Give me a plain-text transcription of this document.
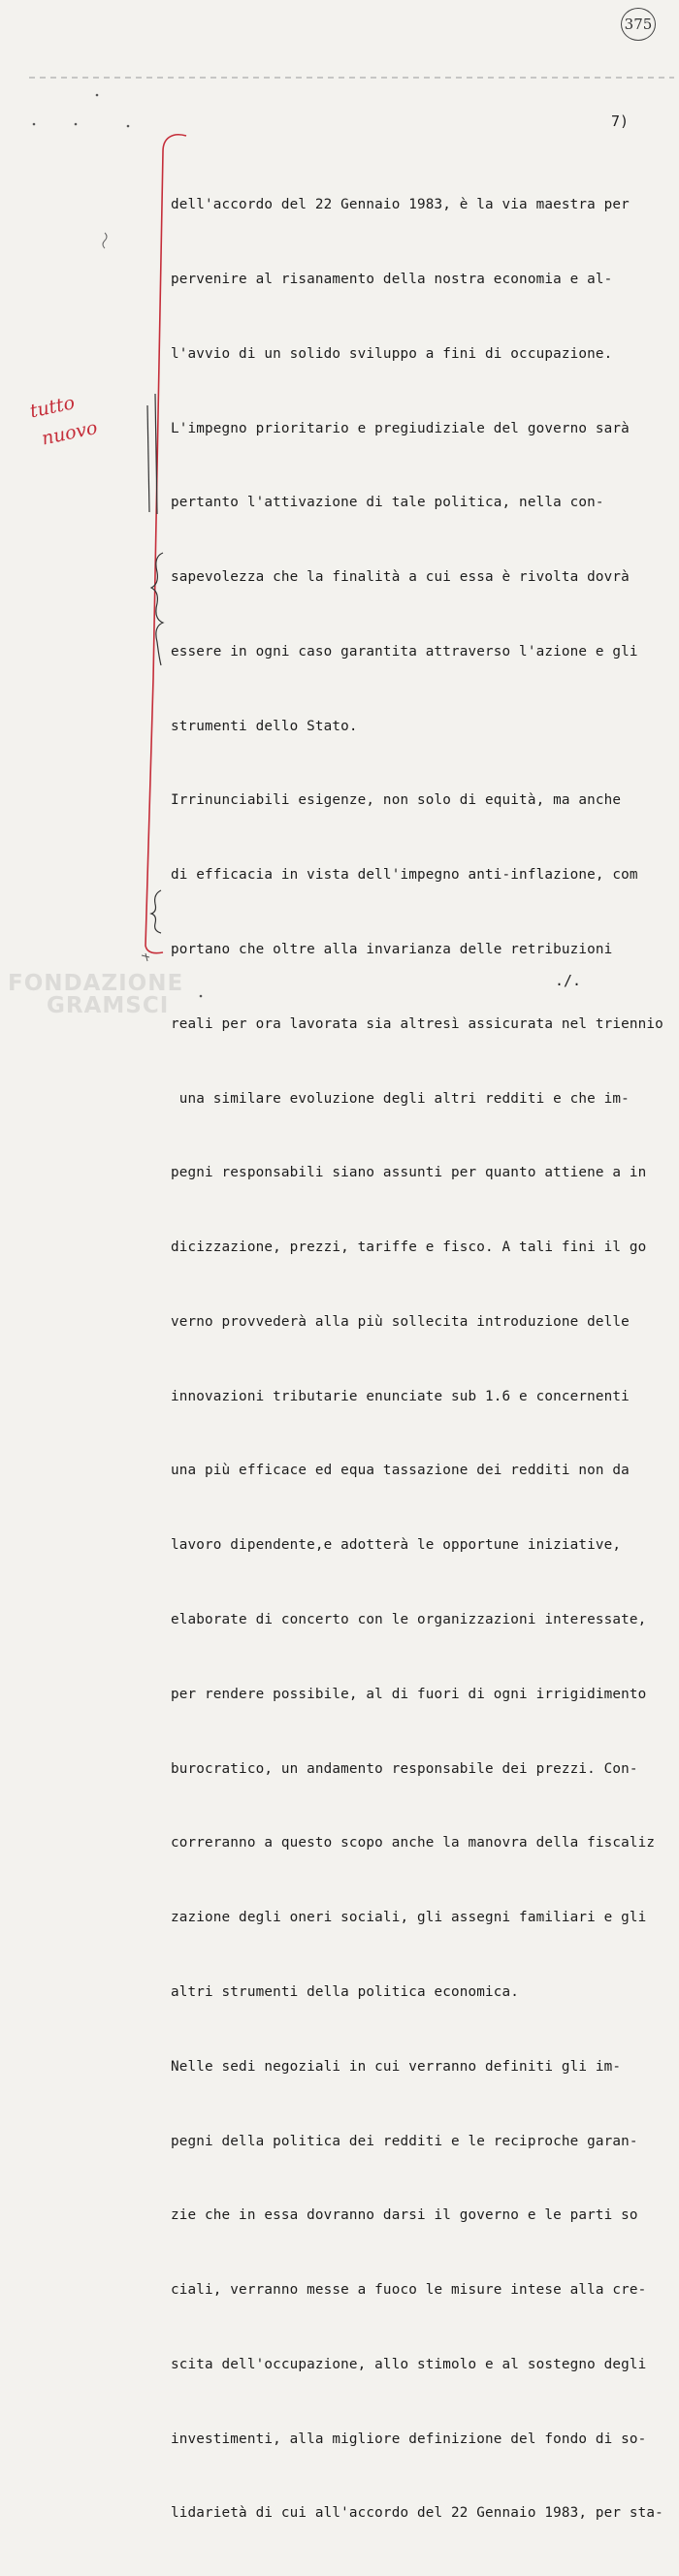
375
7)
tutto
nuovo

dell'accordo del 22 Gennaio 1983, è la via maestra per

pervenire al risanamento della nostra economia e al-

l'avvio di un solido sviluppo a fini di occupazione.

L'impegno prioritario e pregiudiziale del governo sarà

pertanto l'attivazione di tale politica, nella con-

sapevolezza che la finalità a cui essa è rivolta dovrà

essere in ogni caso garantita attraverso l'azione e gli

strumenti dello Stato.

Irrinunciabili esigenze, non solo di equità, ma anche

di efficacia in vista dell'impegno anti-inflazione, com

portano che oltre alla invarianza delle retribuzioni

reali per ora lavorata sia altresì assicurata nel triennio

una similare evoluzione degli altri redditi e che im-

pegni responsabili siano assunti per quanto attiene a in

dicizzazione, prezzi, tariffe e fisco. A tali fini il go

verno provvederà alla più sollecita introduzione delle

innovazioni tributarie enunciate sub 1.6 e concernenti

una più efficace ed equa tassazione dei redditi non da

lavoro dipendente,e adotterà le opportune iniziative,

elaborate di concerto con le organizzazioni interessate,

per rendere possibile, al di fuori di ogni irrigidimento

burocratico, un andamento responsabile dei prezzi. Con-

correranno a questo scopo anche la manovra della fiscaliz

zazione degli oneri sociali, gli assegni familiari e gli

altri strumenti della politica economica.

Nelle sedi negoziali in cui verranno definiti gli im-

pegni della politica dei redditi e le reciproche garan-

zie che in essa dovranno darsi il governo e le parti so

ciali, verranno messe a fuoco le misure intese alla cre-

scita dell'occupazione, allo stimolo e al sostegno degli

investimenti, alla migliore definizione del fondo di so-

lidarietà di cui all'accordo del 22 Gennaio 1983, per sta-

./.
FONDAZIONE
GRAMSCI
